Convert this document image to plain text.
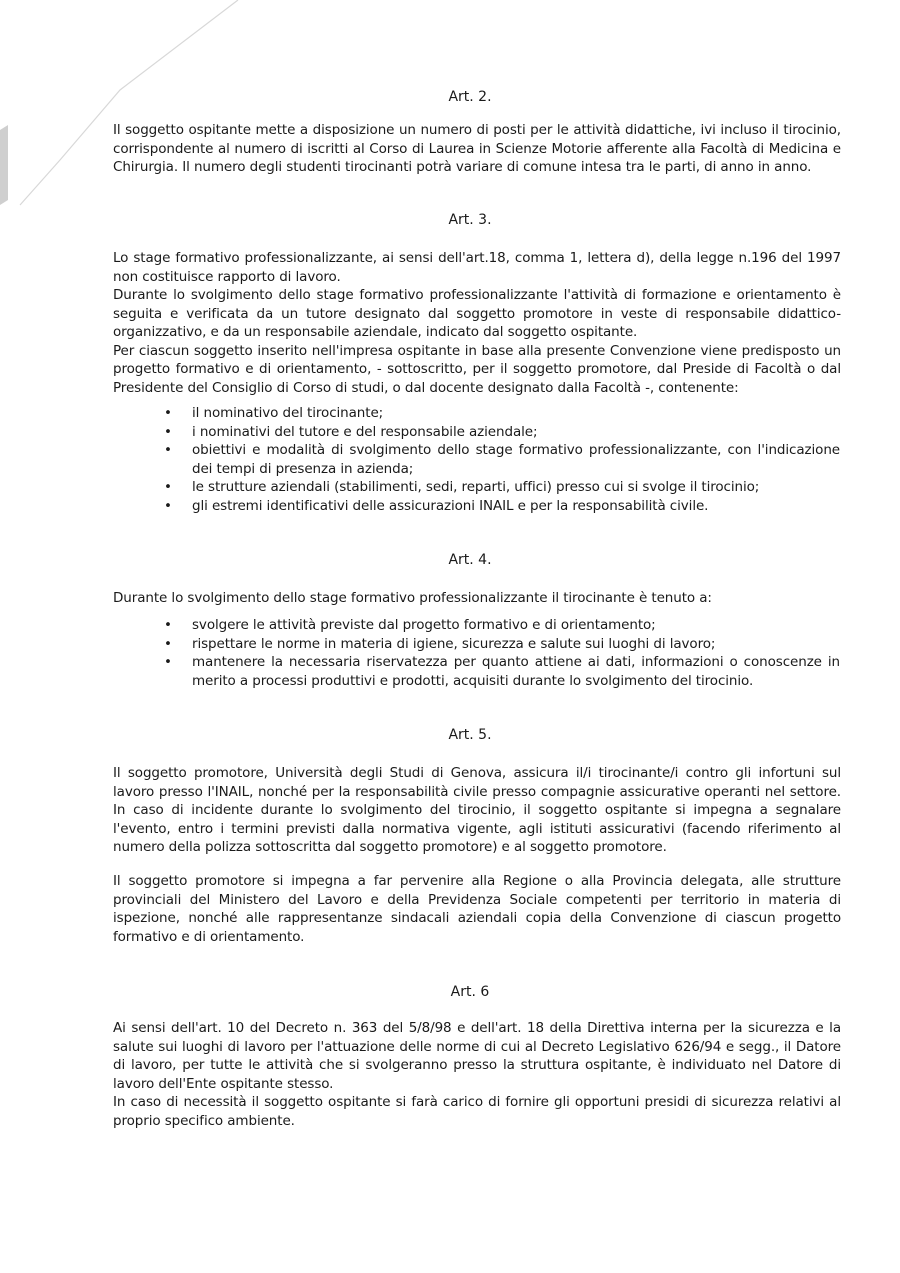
Art. 2.
Il soggetto ospitante mette a disposizione un numero di posti per le attività didattiche, ivi incluso il tirocinio,
corrispondente al numero di iscritti al Corso di Laurea in Scienze Motorie afferente alla Facoltà di Medicina e
Chirurgia. Il numero degli studenti tirocinanti potrà variare di comune intesa tra le parti, di anno in anno.
Art. 3.
Lo stage formativo professionalizzante, ai sensi dell'art.18, comma 1, lettera d), della legge n.196 del 1997
non costituisce rapporto di lavoro.
Durante lo svolgimento dello stage formativo professionalizzante l'attività di formazione e orientamento è
seguita e verificata da un tutore designato dal soggetto promotore in veste di responsabile didattico-
organizzativo, e da un responsabile aziendale, indicato dal soggetto ospitante.
Per ciascun soggetto inserito nell'impresa ospitante in base alla presente Convenzione viene predisposto un
progetto formativo e di orientamento, - sottoscritto, per il soggetto promotore, dal Preside di Facoltà o dal
Presidente del Consiglio di Corso di studi, o dal docente designato dalla Facoltà -, contenente:
• il nominativo del tirocinante;
• i nominativi del tutore e del responsabile aziendale;
• obiettivi e modalità di svolgimento dello stage formativo professionalizzante, con l'indicazione dei tempi di presenza in azienda;
• le strutture aziendali (stabilimenti, sedi, reparti, uffici) presso cui si svolge il tirocinio;
• gli estremi identificativi delle assicurazioni INAIL e per la responsabilità civile.
Art. 4.
Durante lo svolgimento dello stage formativo professionalizzante il tirocinante è tenuto a:
• svolgere le attività previste dal progetto formativo e di orientamento;
• rispettare le norme in materia di igiene, sicurezza e salute sui luoghi di lavoro;
• mantenere la necessaria riservatezza per quanto attiene ai dati, informazioni o conoscenze in merito a processi produttivi e prodotti, acquisiti durante lo svolgimento del tirocinio.
Art. 5.
Il soggetto promotore, Università degli Studi di Genova, assicura il/i tirocinante/i contro gli infortuni sul
lavoro presso l'INAIL, nonché per la responsabilità civile presso compagnie assicurative operanti nel settore.
In caso di incidente durante lo svolgimento del tirocinio, il soggetto ospitante si impegna a segnalare
l'evento, entro i termini previsti dalla normativa vigente, agli istituti assicurativi (facendo riferimento al
numero della polizza sottoscritta dal soggetto promotore) e al soggetto promotore.
Il soggetto promotore si impegna a far pervenire alla Regione o alla Provincia delegata, alle strutture
provinciali del Ministero del Lavoro e della Previdenza Sociale competenti per territorio in materia di
ispezione, nonché alle rappresentanze sindacali aziendali copia della Convenzione di ciascun progetto
formativo e di orientamento.
Art. 6
Ai sensi dell'art. 10 del Decreto n. 363 del 5/8/98 e dell'art. 18 della Direttiva interna per la sicurezza e la
salute sui luoghi di lavoro per l'attuazione delle norme di cui al Decreto Legislativo 626/94 e segg., il Datore
di lavoro, per tutte le attività che si svolgeranno presso la struttura ospitante, è individuato nel Datore di
lavoro dell'Ente ospitante stesso.
In caso di necessità il soggetto ospitante si farà carico di fornire gli opportuni presidi di sicurezza relativi al
proprio specifico ambiente.
